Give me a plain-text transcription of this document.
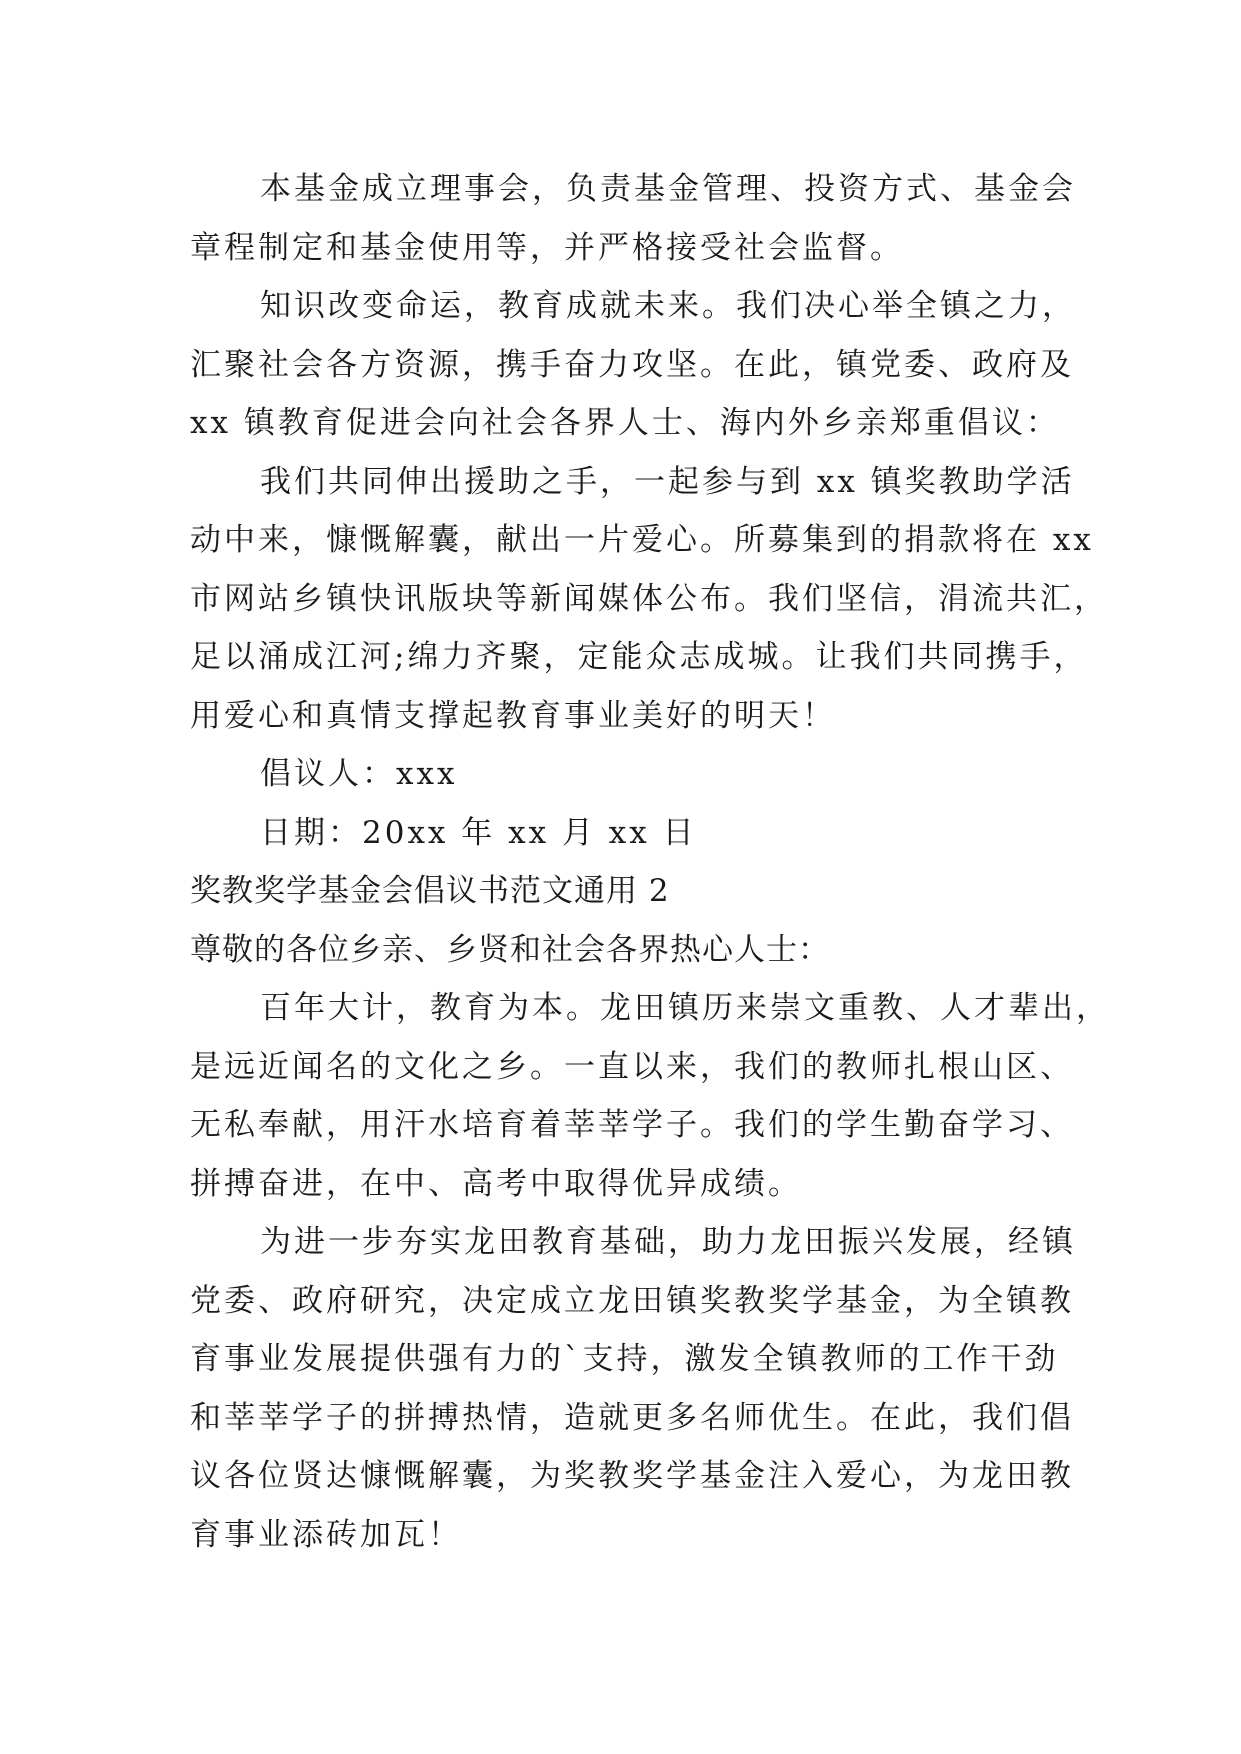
本基金成立理事会，负责基金管理、投资方式、基金会
章程制定和基金使用等，并严格接受社会监督。
知识改变命运，教育成就未来。我们决心举全镇之力，
汇聚社会各方资源，携手奋力攻坚。在此，镇党委、政府及
xx 镇教育促进会向社会各界人士、海内外乡亲郑重倡议：
我们共同伸出援助之手，一起参与到 xx 镇奖教助学活
动中来，慷慨解囊，献出一片爱心。所募集到的捐款将在 xx
市网站乡镇快讯版块等新闻媒体公布。我们坚信，涓流共汇，
足以涌成江河;绵力齐聚，定能众志成城。让我们共同携手，
用爱心和真情支撑起教育事业美好的明天！
倡议人：xxx
日期：20xx 年 xx 月 xx 日
奖教奖学基金会倡议书范文通用 2
尊敬的各位乡亲、乡贤和社会各界热心人士：
百年大计，教育为本。龙田镇历来崇文重教、人才辈出，
是远近闻名的文化之乡。一直以来，我们的教师扎根山区、
无私奉献，用汗水培育着莘莘学子。我们的学生勤奋学习、
拼搏奋进，在中、高考中取得优异成绩。
为进一步夯实龙田教育基础，助力龙田振兴发展，经镇
党委、政府研究，决定成立龙田镇奖教奖学基金，为全镇教
育事业发展提供强有力的`支持，激发全镇教师的工作干劲
和莘莘学子的拼搏热情，造就更多名师优生。在此，我们倡
议各位贤达慷慨解囊，为奖教奖学基金注入爱心，为龙田教
育事业添砖加瓦！
